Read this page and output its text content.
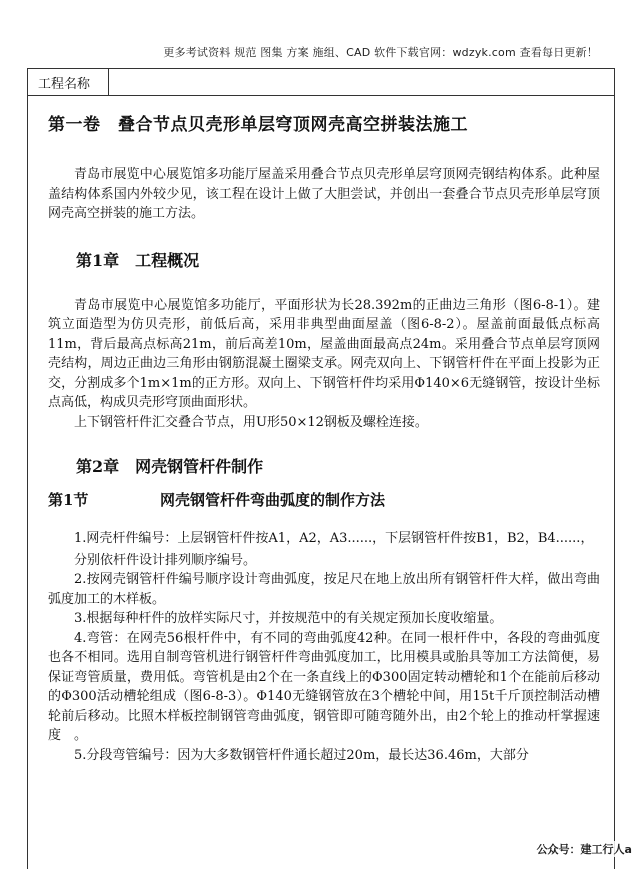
更多考试资料 规范 图集 方案 施组、CAD 软件下载官网：wdzyk.com 查看每日更新！
工程名称
第一卷　叠合节点贝壳形单层穹顶网壳高空拼装法施工

青岛市展览中心展览馆多功能厅屋盖采用叠合节点贝壳形单层穹顶网壳钢结构体系。此种屋盖结构体系国内外较少见，该工程在设计上做了大胆尝试，并创出一套叠合节点贝壳形单层穹顶网壳高空拼装的施工方法。

第1章　工程概况

青岛市展览中心展览馆多功能厅，平面形状为长28.392m的正曲边三角形（图6-8-1）。建筑立面造型为仿贝壳形，前低后高，采用非典型曲面屋盖（图6-8-2）。屋盖前面最低点标高11m，背后最高点标高21m，前后高差10m，屋盖曲面最高点24m。采用叠合节点单层穹顶网壳结构，周边正曲边三角形由钢筋混凝土圈梁支承。网壳双向上、下钢管杆件在平面上投影为正交，分割成多个1m×1m的正方形。双向上、下钢管杆件均采用Φ140×6无缝钢管，按设计坐标点高低，构成贝壳形穹顶曲面形状。

上下钢管杆件汇交叠合节点，用U形50×12钢板及螺栓连接。

第2章　网壳钢管杆件制作
第1节	网壳钢管杆件弯曲弧度的制作方法

1.网壳杆件编号：上层钢管杆件按A1，A2，A3......，下层钢管杆件按B1，B2，B4......，

分别依杆件设计排列顺序编号。

2.按网壳钢管杆件编号顺序设计弯曲弧度，按足尺在地上放出所有钢管杆件大样，做出弯曲弧度加工的木样板。

3.根据每种杆件的放样实际尺寸，并按规范中的有关规定预加长度收缩量。

4.弯管：在网壳56根杆件中，有不同的弯曲弧度42种。在同一根杆件中，各段的弯曲弧度也各不相同。选用自制弯管机进行钢管杆件弯曲弧度加工，比用模具或胎具等加工方法简便，易保证弯管质量，费用低。弯管机是由2个在一条直线上的Φ300固定转动槽轮和1个在能前后移动的Φ300活动槽轮组成（图6-8-3）。Φ140无缝钢管放在3个槽轮中间，用15t千斤顶控制活动槽轮前后移动。比照木样板控制钢管弯曲弧度，钢管即可随弯随外出，由2个轮上的推动杆掌握速度　。

5.分段弯管编号：因为大多数钢管杆件通长超过20m，最长达36.46m，大部分

公众号：建工行人a
